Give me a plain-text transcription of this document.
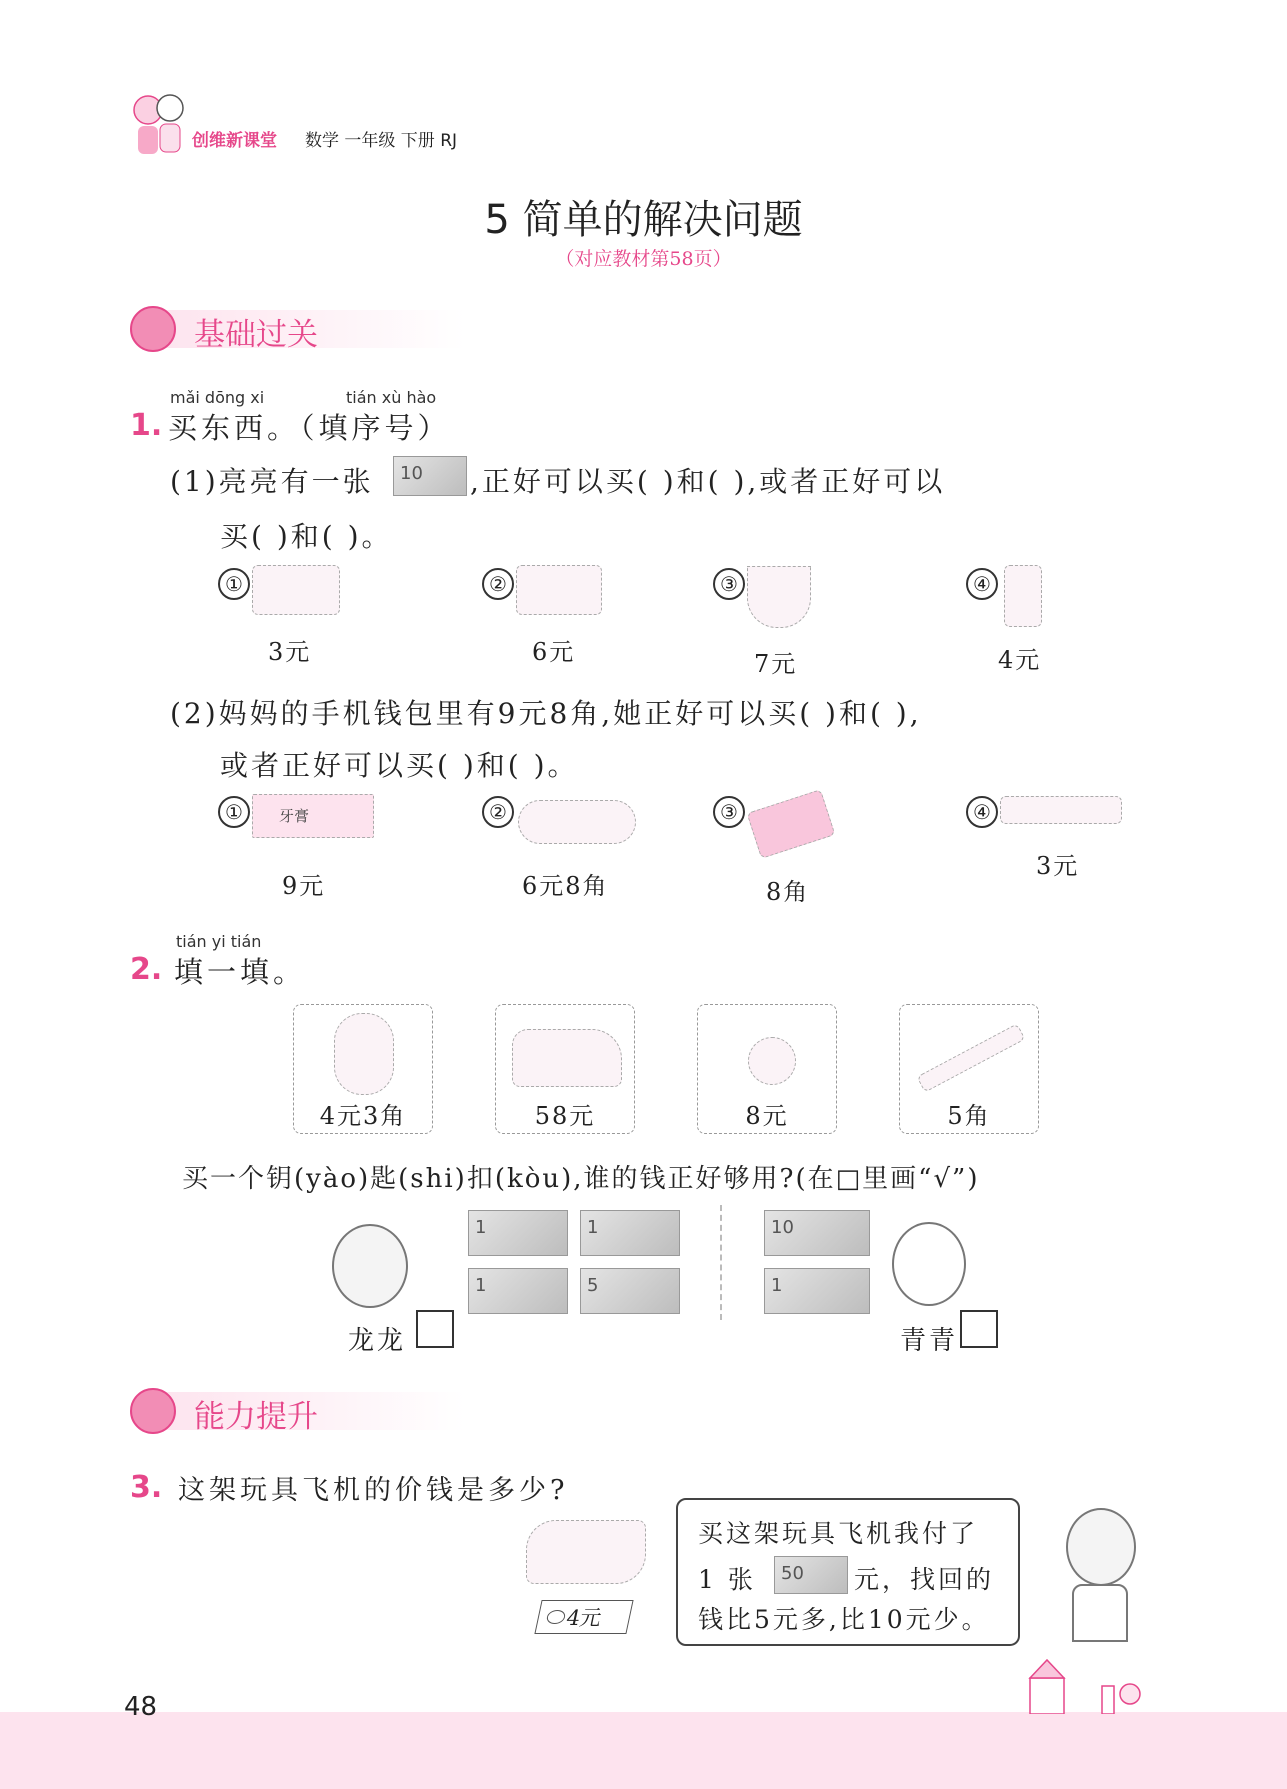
创维新课堂 数学 一年级 下册 RJ
5 简单的解决问题
（对应教材第58页）
基础过关
mǎi dōng xi	tián xù hào
1. 买东西。（填序号）
(1)亮亮有一张 10 ,正好可以买( )和( ),或者正好可以
买( )和( )。
①
3元
②
6元
③
7元
④
4元
(2)妈妈的手机钱包里有9元8角,她正好可以买( )和( ),
或者正好可以买( )和( )。
①	牙膏
9元
②
6元8角
③
8角
④
3元
tián yi tián
2. 填一填。
4元3角	58元	8元	5角
买一个钥(yào)匙(shi)扣(kòu),谁的钱正好够用?(在□里画“√”)
1	1
1	5
龙龙
10
1
青青
能力提升
3. 这架玩具飞机的价钱是多少?
4元
买这架玩具飞机我付了
1 张 50 元，找回的
钱比5元多,比10元少。
48
